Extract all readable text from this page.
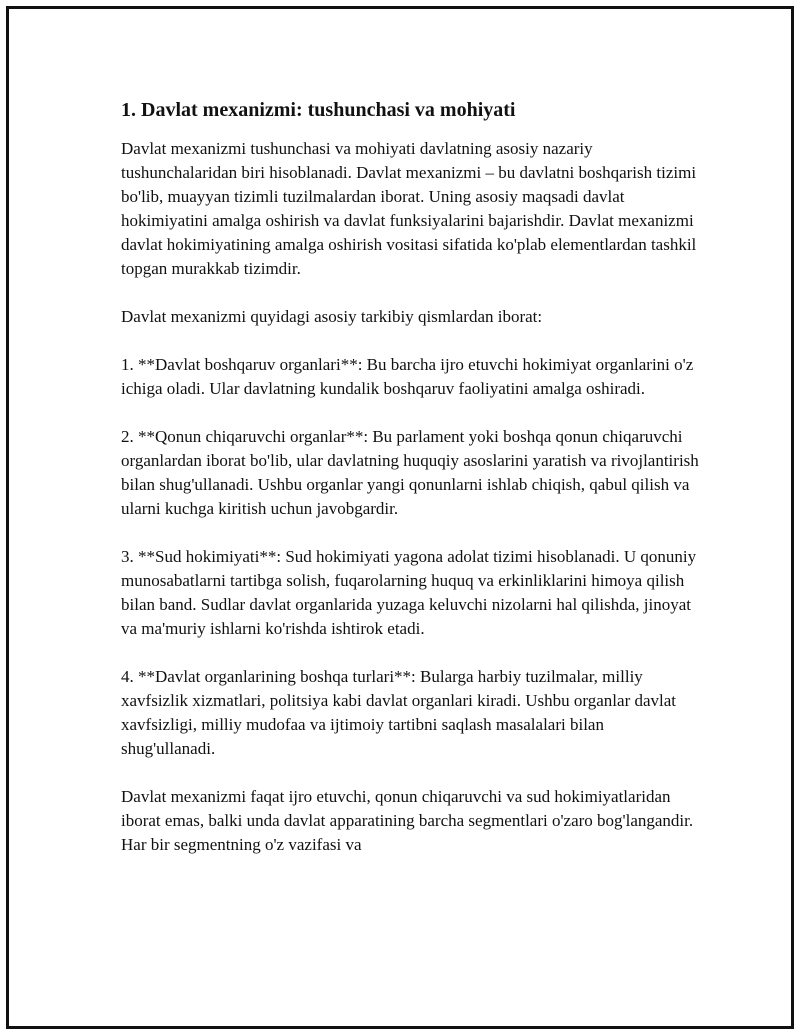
1. Davlat mexanizmi: tushunchasi va mohiyati

Davlat mexanizmi tushunchasi va mohiyati davlatning asosiy nazariy tushunchalaridan biri hisoblanadi. Davlat mexanizmi – bu davlatni boshqarish tizimi bo'lib, muayyan tizimli tuzilmalardan iborat. Uning asosiy maqsadi davlat hokimiyatini amalga oshirish va davlat funksiyalarini bajarishdir. Davlat mexanizmi davlat hokimiyatining amalga oshirish vositasi sifatida ko'plab elementlardan tashkil topgan murakkab tizimdir.

Davlat mexanizmi quyidagi asosiy tarkibiy qismlardan iborat:

1. **Davlat boshqaruv organlari**: Bu barcha ijro etuvchi hokimiyat organlarini o'z ichiga oladi. Ular davlatning kundalik boshqaruv faoliyatini amalga oshiradi.

2. **Qonun chiqaruvchi organlar**: Bu parlament yoki boshqa qonun chiqaruvchi organlardan iborat bo'lib, ular davlatning huquqiy asoslarini yaratish va rivojlantirish bilan shug'ullanadi. Ushbu organlar yangi qonunlarni ishlab chiqish, qabul qilish va ularni kuchga kiritish uchun javobgardir.

3. **Sud hokimiyati**: Sud hokimiyati yagona adolat tizimi hisoblanadi. U qonuniy munosabatlarni tartibga solish, fuqarolarning huquq va erkinliklarini himoya qilish bilan band. Sudlar davlat organlarida yuzaga keluvchi nizolarni hal qilishda, jinoyat va ma'muriy ishlarni ko'rishda ishtirok etadi.

4. **Davlat organlarining boshqa turlari**: Bularga harbiy tuzilmalar, milliy xavfsizlik xizmatlari, politsiya kabi davlat organlari kiradi. Ushbu organlar davlat xavfsizligi, milliy mudofaa va ijtimoiy tartibni saqlash masalalari bilan shug'ullanadi.

Davlat mexanizmi faqat ijro etuvchi, qonun chiqaruvchi va sud hokimiyatlaridan iborat emas, balki unda davlat apparatining barcha segmentlari o'zaro bog'langandir. Har bir segmentning o'z vazifasi va
